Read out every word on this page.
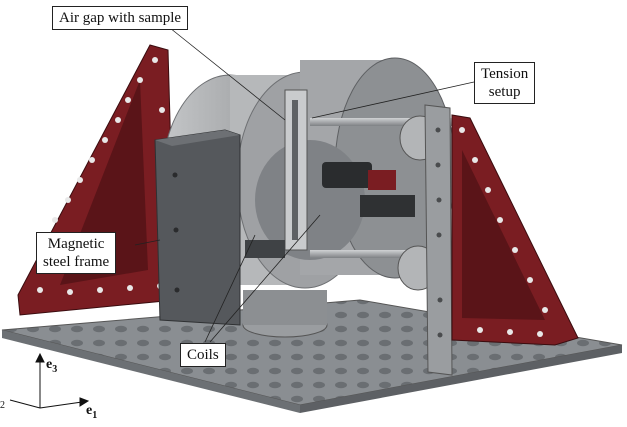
$e_3$
$e_1$
2
Air gap with sample
Tension
setup
Magnetic
steel frame
Coils
